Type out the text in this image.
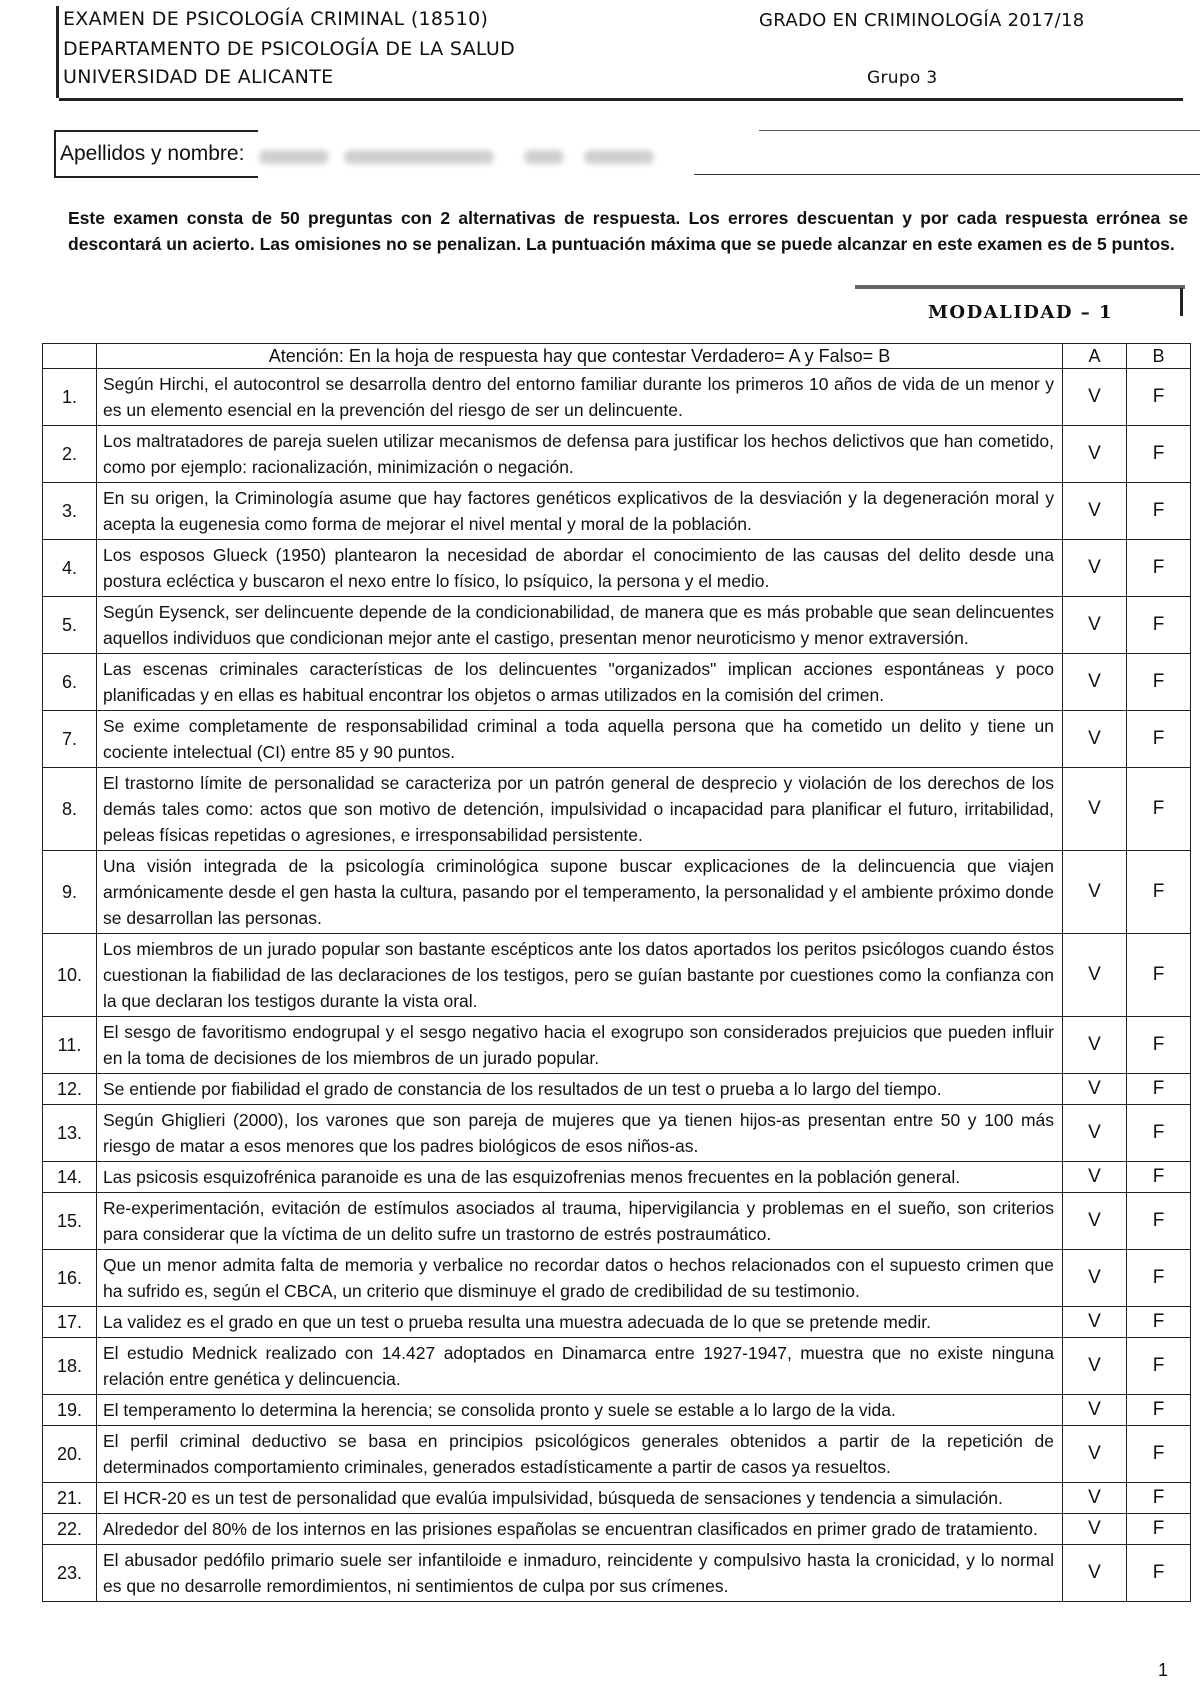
EXAMEN DE PSICOLOGÍA CRIMINAL (18510)
DEPARTAMENTO DE PSICOLOGÍA DE LA SALUD
UNIVERSIDAD DE ALICANTE
GRADO EN CRIMINOLOGÍA 2017/18
Grupo 3
Apellidos y nombre:
Este examen consta de 50 preguntas con 2 alternativas de respuesta. Los errores descuentan y por cada respuesta errónea se descontará un acierto. Las omisiones no se penalizan. La puntuación máxima que se puede alcanzar en este examen es de 5 puntos.
MODALIDAD – 1
	Atención: En la hoja de respuesta hay que contestar Verdadero= A y Falso= B	A	B
1.	Según Hirchi, el autocontrol se desarrolla dentro del entorno familiar durante los primeros 10 años de vida de un menor y es un elemento esencial en la prevención del riesgo de ser un delincuente.	V	F
2.	Los maltratadores de pareja suelen utilizar mecanismos de defensa para justificar los hechos delictivos que han cometido, como por ejemplo: racionalización, minimización o negación.	V	F
3.	En su origen, la Criminología asume que hay factores genéticos explicativos de la desviación y la degeneración moral y acepta la eugenesia como forma de mejorar el nivel mental y moral de la población.	V	F
4.	Los esposos Glueck (1950) plantearon la necesidad de abordar el conocimiento de las causas del delito desde una postura ecléctica y buscaron el nexo entre lo físico, lo psíquico, la persona y el medio.	V	F
5.	Según Eysenck, ser delincuente depende de la condicionabilidad, de manera que es más probable que sean delincuentes aquellos individuos que condicionan mejor ante el castigo, presentan menor neuroticismo y menor extraversión.	V	F
6.	Las escenas criminales características de los delincuentes "organizados" implican acciones espontáneas y poco planificadas y en ellas es habitual encontrar los objetos o armas utilizados en la comisión del crimen.	V	F
7.	Se exime completamente de responsabilidad criminal a toda aquella persona que ha cometido un delito y tiene un cociente intelectual (CI) entre 85 y 90 puntos.	V	F
8.	El trastorno límite de personalidad se caracteriza por un patrón general de desprecio y violación de los derechos de los demás tales como: actos que son motivo de detención, impulsividad o incapacidad para planificar el futuro, irritabilidad, peleas físicas repetidas o agresiones, e irresponsabilidad persistente.	V	F
9.	Una visión integrada de la psicología criminológica supone buscar explicaciones de la delincuencia que viajen armónicamente desde el gen hasta la cultura, pasando por el temperamento, la personalidad y el ambiente próximo donde se desarrollan las personas.	V	F
10.	Los miembros de un jurado popular son bastante escépticos ante los datos aportados los peritos psicólogos cuando éstos cuestionan la fiabilidad de las declaraciones de los testigos, pero se guían bastante por cuestiones como la confianza con la que declaran los testigos durante la vista oral.	V	F
11.	El sesgo de favoritismo endogrupal y el sesgo negativo hacia el exogrupo son considerados prejuicios que pueden influir en la toma de decisiones de los miembros de un jurado popular.	V	F
12.	Se entiende por fiabilidad el grado de constancia de los resultados de un test o prueba a lo largo del tiempo.	V	F
13.	Según Ghiglieri (2000), los varones que son pareja de mujeres que ya tienen hijos-as presentan entre 50 y 100 más riesgo de matar a esos menores que los padres biológicos de esos niños-as.	V	F
14.	Las psicosis esquizofrénica paranoide es una de las esquizofrenias menos frecuentes en la población general.	V	F
15.	Re-experimentación, evitación de estímulos asociados al trauma, hipervigilancia y problemas en el sueño, son criterios para considerar que la víctima de un delito sufre un trastorno de estrés postraumático.	V	F
16.	Que un menor admita falta de memoria y verbalice no recordar datos o hechos relacionados con el supuesto crimen que ha sufrido es, según el CBCA, un criterio que disminuye el grado de credibilidad de su testimonio.	V	F
17.	La validez es el grado en que un test o prueba resulta una muestra adecuada de lo que se pretende medir.	V	F
18.	El estudio Mednick realizado con 14.427 adoptados en Dinamarca entre 1927-1947, muestra que no existe ninguna relación entre genética y delincuencia.	V	F
19.	El temperamento lo determina la herencia; se consolida pronto y suele se estable a lo largo de la vida.	V	F
20.	El perfil criminal deductivo se basa en principios psicológicos generales obtenidos a partir de la repetición de determinados comportamiento criminales, generados estadísticamente a partir de casos ya resueltos.	V	F
21.	El HCR-20 es un test de personalidad que evalúa impulsividad, búsqueda de sensaciones y tendencia a simulación.	V	F
22.	Alrededor del 80% de los internos en las prisiones españolas se encuentran clasificados en primer grado de tratamiento.	V	F
23.	El abusador pedófilo primario suele ser infantiloide e inmaduro, reincidente y compulsivo hasta la cronicidad, y lo normal es que no desarrolle remordimientos, ni sentimientos de culpa por sus crímenes.	V	F
1
